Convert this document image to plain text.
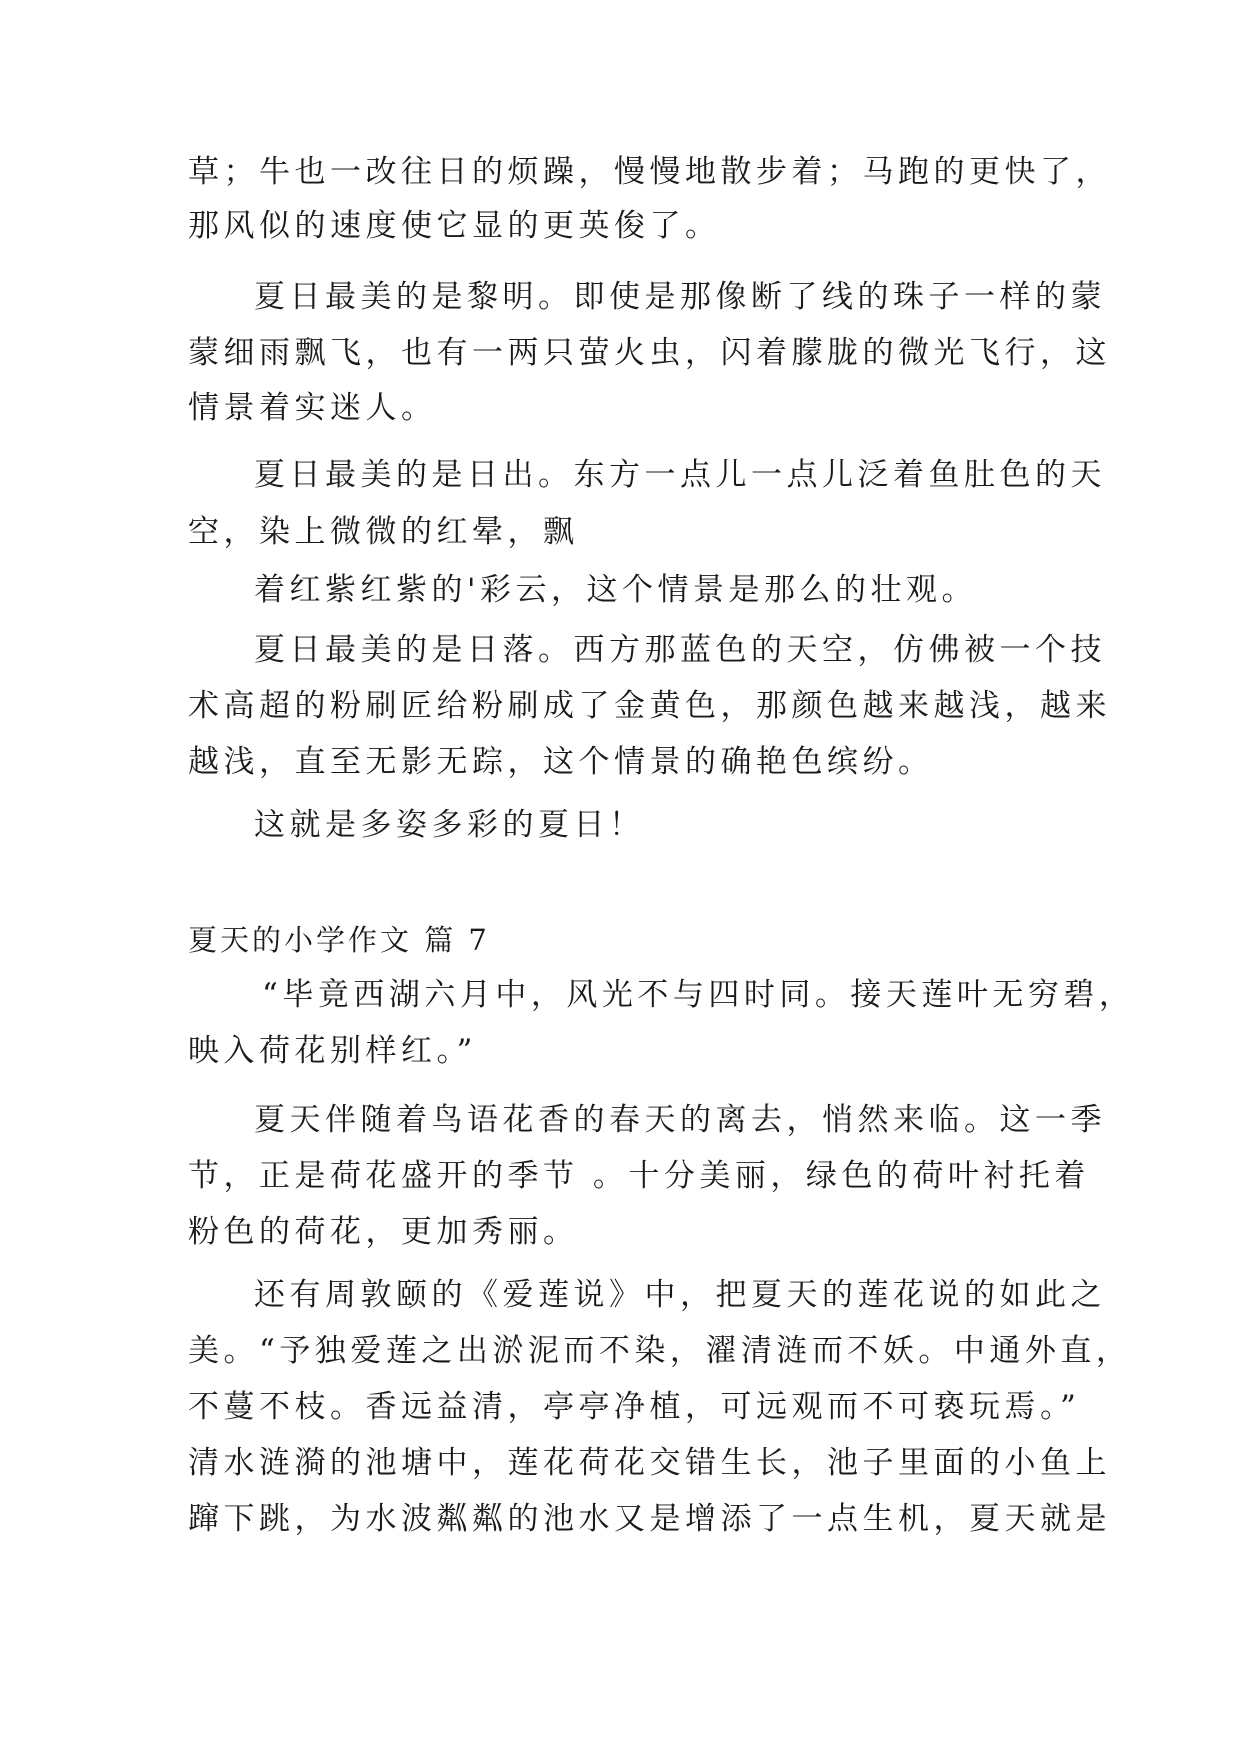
草；牛也一改往日的烦躁，慢慢地散步着；马跑的更快了，
那风似的速度使它显的更英俊了。
夏日最美的是黎明。即使是那像断了线的珠子一样的蒙
蒙细雨飘飞，也有一两只萤火虫，闪着朦胧的微光飞行，这
情景着实迷人。
夏日最美的是日出。东方一点儿一点儿泛着鱼肚色的天
空，染上微微的红晕，飘
着红紫红紫的'彩云，这个情景是那么的壮观。
夏日最美的是日落。西方那蓝色的天空，仿佛被一个技
术高超的粉刷匠给粉刷成了金黄色，那颜色越来越浅，越来
越浅，直至无影无踪，这个情景的确艳色缤纷。
这就是多姿多彩的夏日！
夏天的小学作文 篇 7
“毕竟西湖六月中，风光不与四时同。接天莲叶无穷碧，
映入荷花别样红。”
夏天伴随着鸟语花香的春天的离去，悄然来临。这一季
节，正是荷花盛开的季节 。十分美丽，绿色的荷叶衬托着
粉色的荷花，更加秀丽。
还有周敦颐的《爱莲说》中，把夏天的莲花说的如此之
美。“予独爱莲之出淤泥而不染，濯清涟而不妖。中通外直，
不蔓不枝。香远益清，亭亭净植，可远观而不可亵玩焉。”
清水涟漪的池塘中，莲花荷花交错生长，池子里面的小鱼上
蹿下跳，为水波粼粼的池水又是增添了一点生机，夏天就是
